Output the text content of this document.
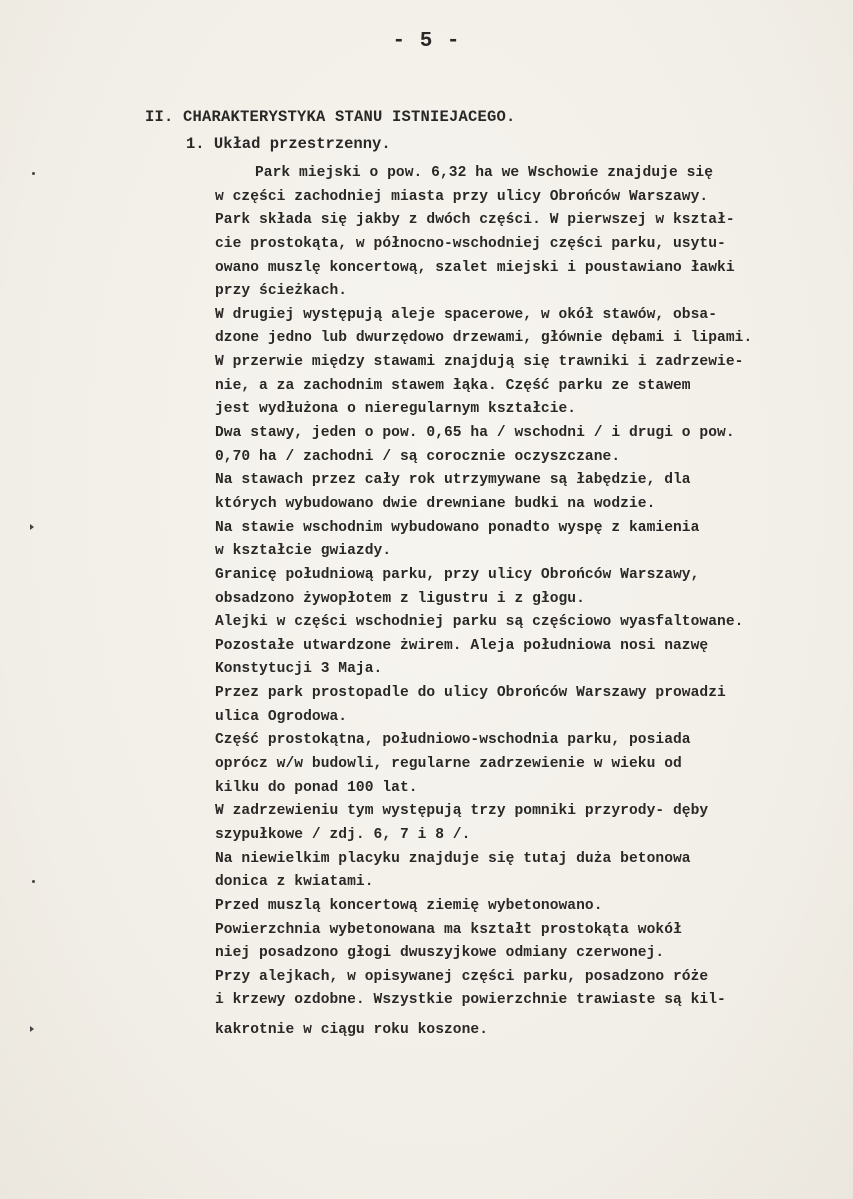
- 5 -
II. CHARAKTERYSTYKA STANU ISTNIEJACEGO.
1. Układ przestrzenny.
Park miejski o pow. 6,32 ha we Wschowie znajduje się
w części zachodniej miasta przy ulicy Obrońców Warszawy.
Park składa się jakby z dwóch części. W pierwszej w kształ-
cie prostokąta, w północno-wschodniej części parku, usytu-
owano muszlę koncertową, szalet miejski i poustawiano ławki
przy ścieżkach.
W drugiej występują aleje spacerowe, w okół stawów, obsa-
dzone jedno lub dwurzędowo drzewami, głównie dębami i lipami.
W przerwie między stawami znajdują się trawniki i zadrzewie-
nie, a za zachodnim stawem łąka. Część parku ze stawem
jest wydłużona o nieregularnym kształcie.
Dwa stawy, jeden o pow. 0,65 ha / wschodni / i drugi o pow.
0,70 ha / zachodni / są corocznie oczyszczane.
Na stawach przez cały rok utrzymywane są łabędzie, dla
których wybudowano dwie drewniane budki na wodzie.
Na stawie wschodnim wybudowano ponadto wyspę z kamienia
w kształcie gwiazdy.
Granicę południową parku, przy ulicy Obrońców Warszawy,
obsadzono żywopłotem z ligustru i z głogu.
Alejki w części wschodniej parku są częściowo wyasfaltowane.
Pozostałe utwardzone żwirem. Aleja południowa nosi nazwę
Konstytucji 3 Maja.
Przez park prostopadle do ulicy Obrońców Warszawy prowadzi
ulica Ogrodowa.
Część prostokątna, południowo-wschodnia parku, posiada
oprócz w/w budowli, regularne zadrzewienie w wieku od
kilku do ponad 100 lat.
W zadrzewieniu tym występują trzy pomniki przyrody- dęby
szypułkowe / zdj. 6, 7 i 8 /.
Na niewielkim placyku znajduje się tutaj duża betonowa
donica z kwiatami.
Przed muszlą koncertową ziemię wybetonowano.
Powierzchnia wybetonowana ma kształt prostokąta wokół
niej posadzono głogi dwuszyjkowe odmiany czerwonej.
Przy alejkach, w opisywanej części parku, posadzono róże
i krzewy ozdobne. Wszystkie powierzchnie trawiaste są kil-
kakrotnie w ciągu roku koszone.
